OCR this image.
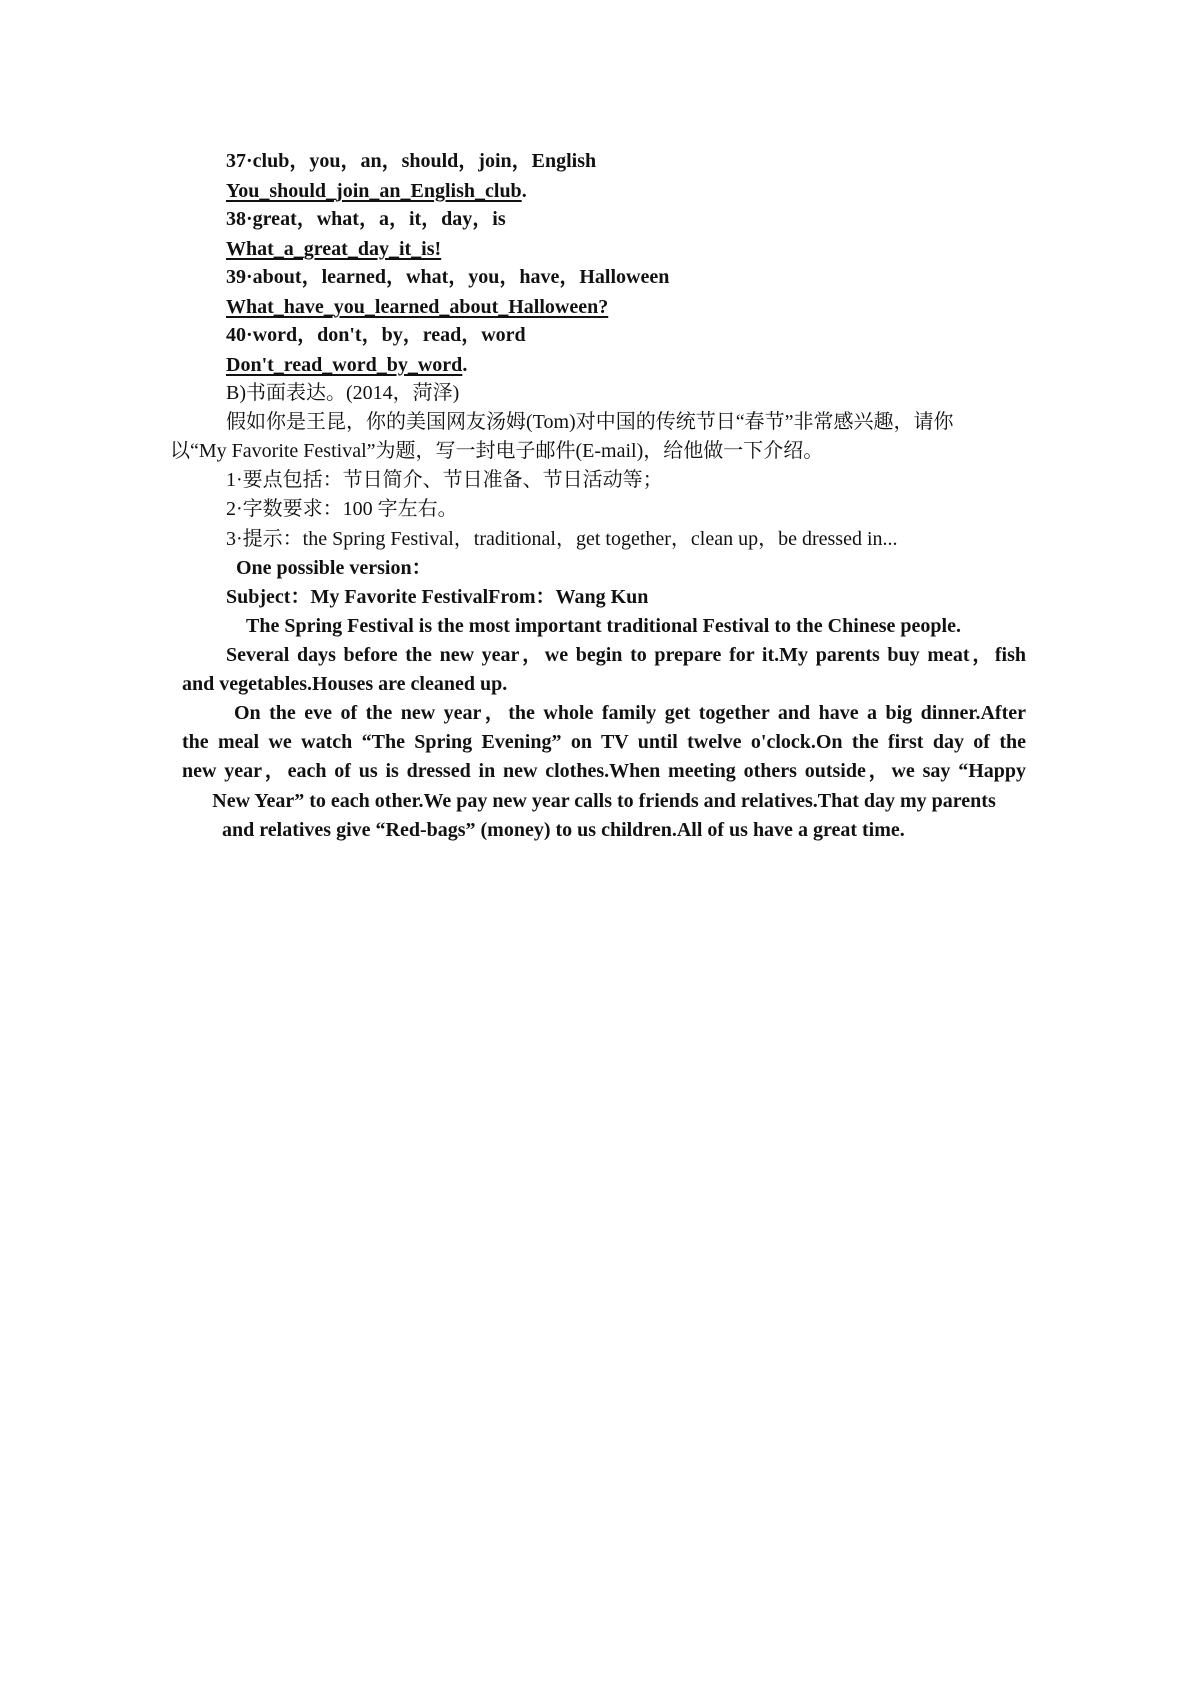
37·club，you，an，should，join，English
You_should_join_an_English_club.
38·great，what，a，it，day，is
What_a_great_day_it_is!
39·about，learned，what，you，have，Halloween
What_have_you_learned_about_Halloween?
40·word，don't，by，read，word
Don't_read_word_by_word.
B)书面表达。(2014，菏泽)
假如你是王昆，你的美国网友汤姆(Tom)对中国的传统节日“春节”非常感兴趣，请你
以“My Favorite Festival”为题，写一封电子邮件(E-mail)，给他做一下介绍。
1·要点包括：节日简介、节日准备、节日活动等；
2·字数要求：100 字左右。
3·提示：the Spring Festival，traditional，get together，clean up，be dressed in...
One possible version：
Subject：My Favorite FestivalFrom：Wang Kun
The Spring Festival is the most important traditional Festival to the Chinese people.
Several days before the new year，we begin to prepare for it.My parents buy meat，fish
and vegetables.Houses are cleaned up.
On the eve of the new year，the whole family get together and have a big dinner.After
the meal we watch “The Spring Evening” on TV until twelve o'clock.On the first day of the
new year，each of us is dressed in new clothes.When meeting others outside，we say “Happy
New Year” to each other.We pay new year calls to friends and relatives.That day my parents
and relatives give “Red-bags” (money) to us children.All of us have a great time.
